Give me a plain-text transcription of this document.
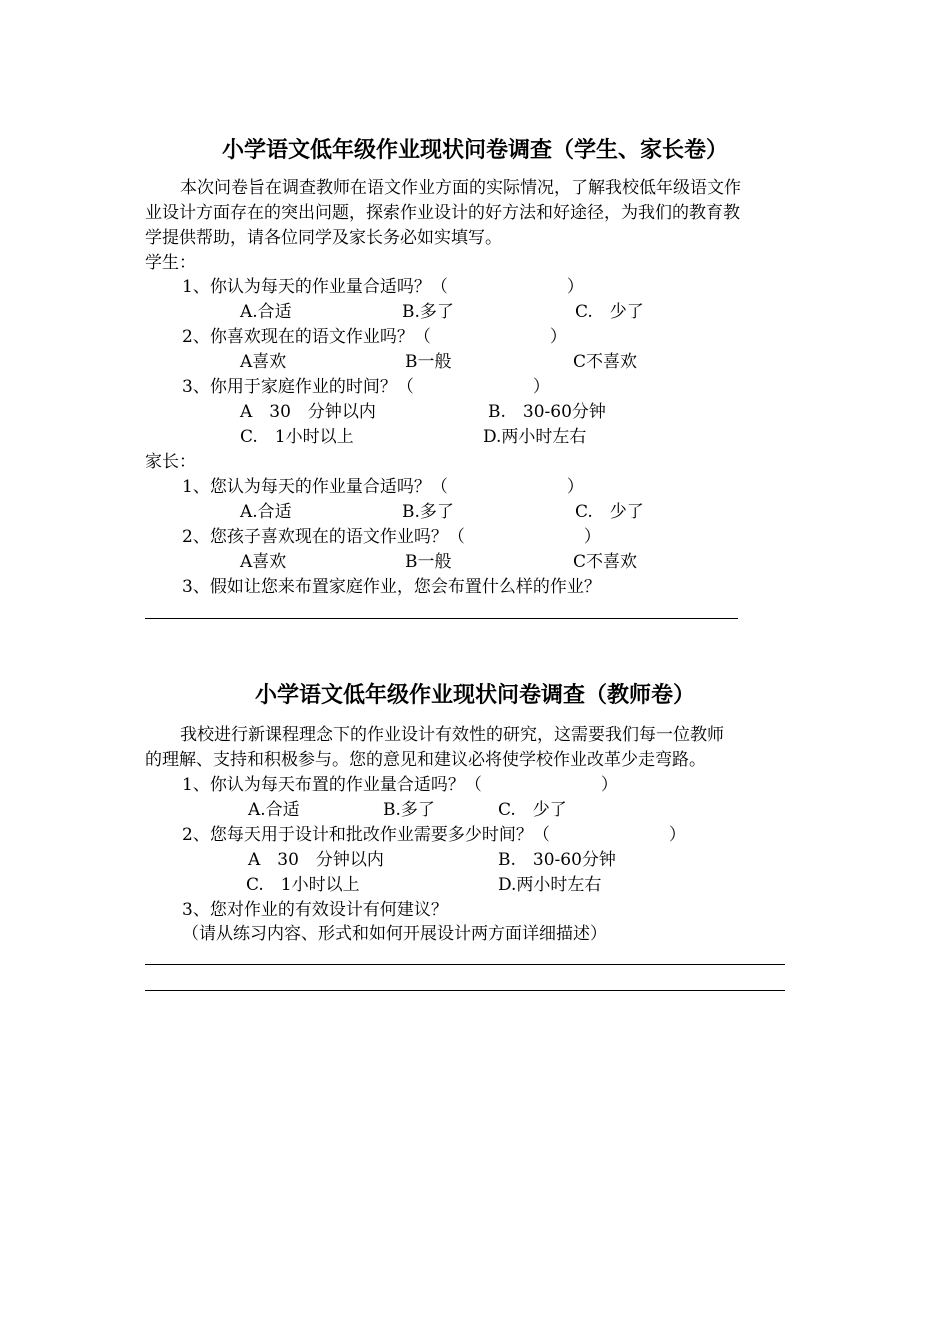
小学语文低年级作业现状问卷调查（学生、家长卷）
本次问卷旨在调查教师在语文作业方面的实际情况，了解我校低年级语文作
业设计方面存在的突出问题，探索作业设计的好方法和好途径，为我们的教育教
学提供帮助，请各位同学及家长务必如实填写。
学生：
1、你认为每天的作业量合适吗？（　　　　　　　）
A.合适	B.多了	C.　少了
2、你喜欢现在的语文作业吗？（　　　　　　　）
A喜欢	B一般	C不喜欢
3、你用于家庭作业的时间？（　　　　　　　）
A　30　分钟以内	B.　30-60分钟
C.　1小时以上	D.两小时左右
家长：
1、您认为每天的作业量合适吗？（　　　　　　　）
A.合适	B.多了	C.　少了
2、您孩子喜欢现在的语文作业吗？（　　　　　　　）
A喜欢	B一般	C不喜欢
3、假如让您来布置家庭作业，您会布置什么样的作业？
小学语文低年级作业现状问卷调查（教师卷）
我校进行新课程理念下的作业设计有效性的研究，这需要我们每一位教师
的理解、支持和积极参与。您的意见和建议必将使学校作业改革少走弯路。
1、你认为每天布置的作业量合适吗？（　　　　　　　）
A.合适	B.多了	C.　少了
2、您每天用于设计和批改作业需要多少时间？（　　　　　　　）
A　30　分钟以内	B.　30-60分钟
C.　1小时以上	D.两小时左右
3、您对作业的有效设计有何建议？
（请从练习内容、形式和如何开展设计两方面详细描述）
